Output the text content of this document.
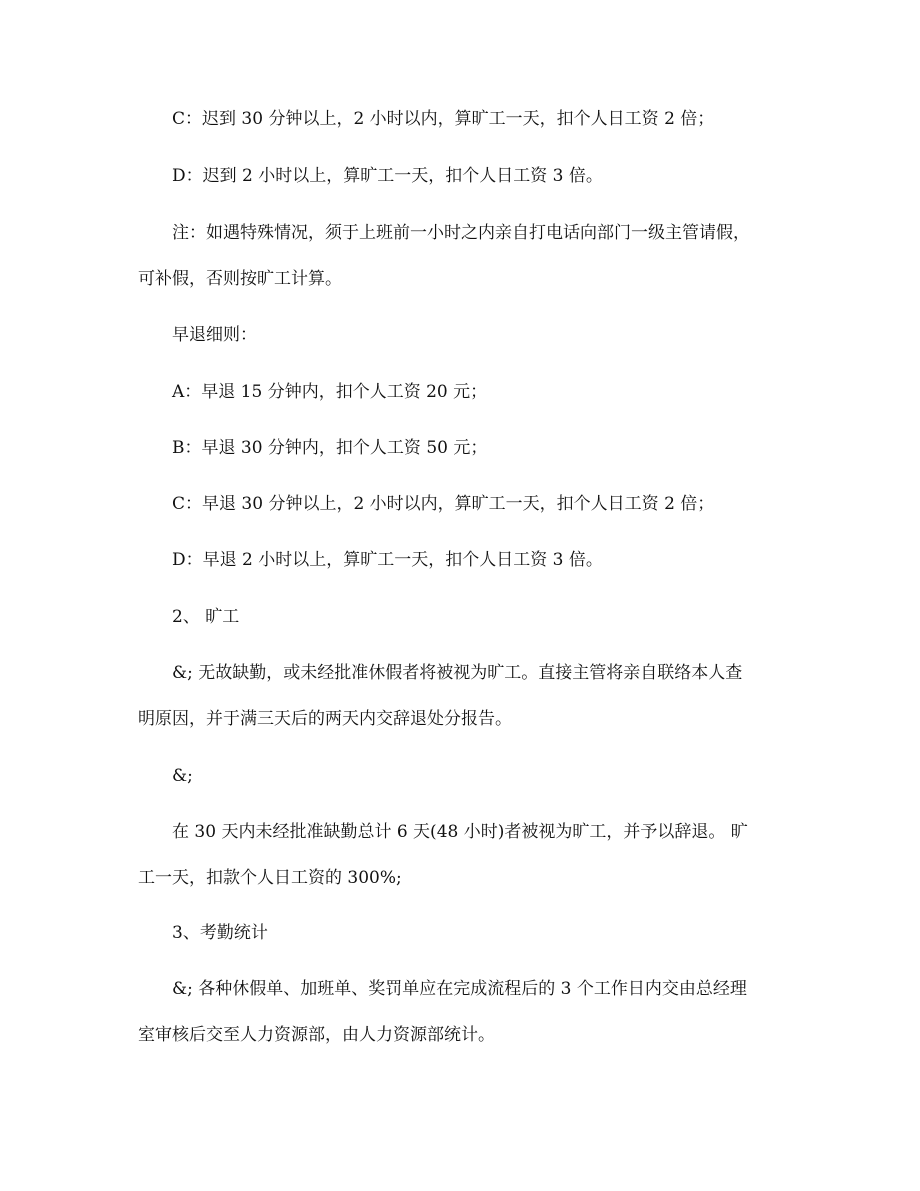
C：迟到 30 分钟以上，2 小时以内，算旷工一天，扣个人日工资 2 倍；
D：迟到 2 小时以上，算旷工一天，扣个人日工资 3 倍。
注：如遇特殊情况，须于上班前一小时之内亲自打电话向部门一级主管请假，
可补假，否则按旷工计算。
早退细则：
A：早退 15 分钟内，扣个人工资 20 元；
B：早退 30 分钟内，扣个人工资 50 元；
C：早退 30 分钟以上，2 小时以内，算旷工一天，扣个人日工资 2 倍；
D：早退 2 小时以上，算旷工一天，扣个人日工资 3 倍。
2、 旷工
&; 无故缺勤，或未经批准休假者将被视为旷工。直接主管将亲自联络本人查
明原因，并于满三天后的两天内交辞退处分报告。
&;
在 30 天内未经批准缺勤总计 6 天(48 小时)者被视为旷工，并予以辞退。 旷
工一天，扣款个人日工资的 300%;
3、考勤统计
&; 各种休假单、加班单、奖罚单应在完成流程后的 3 个工作日内交由总经理
室审核后交至人力资源部，由人力资源部统计。
